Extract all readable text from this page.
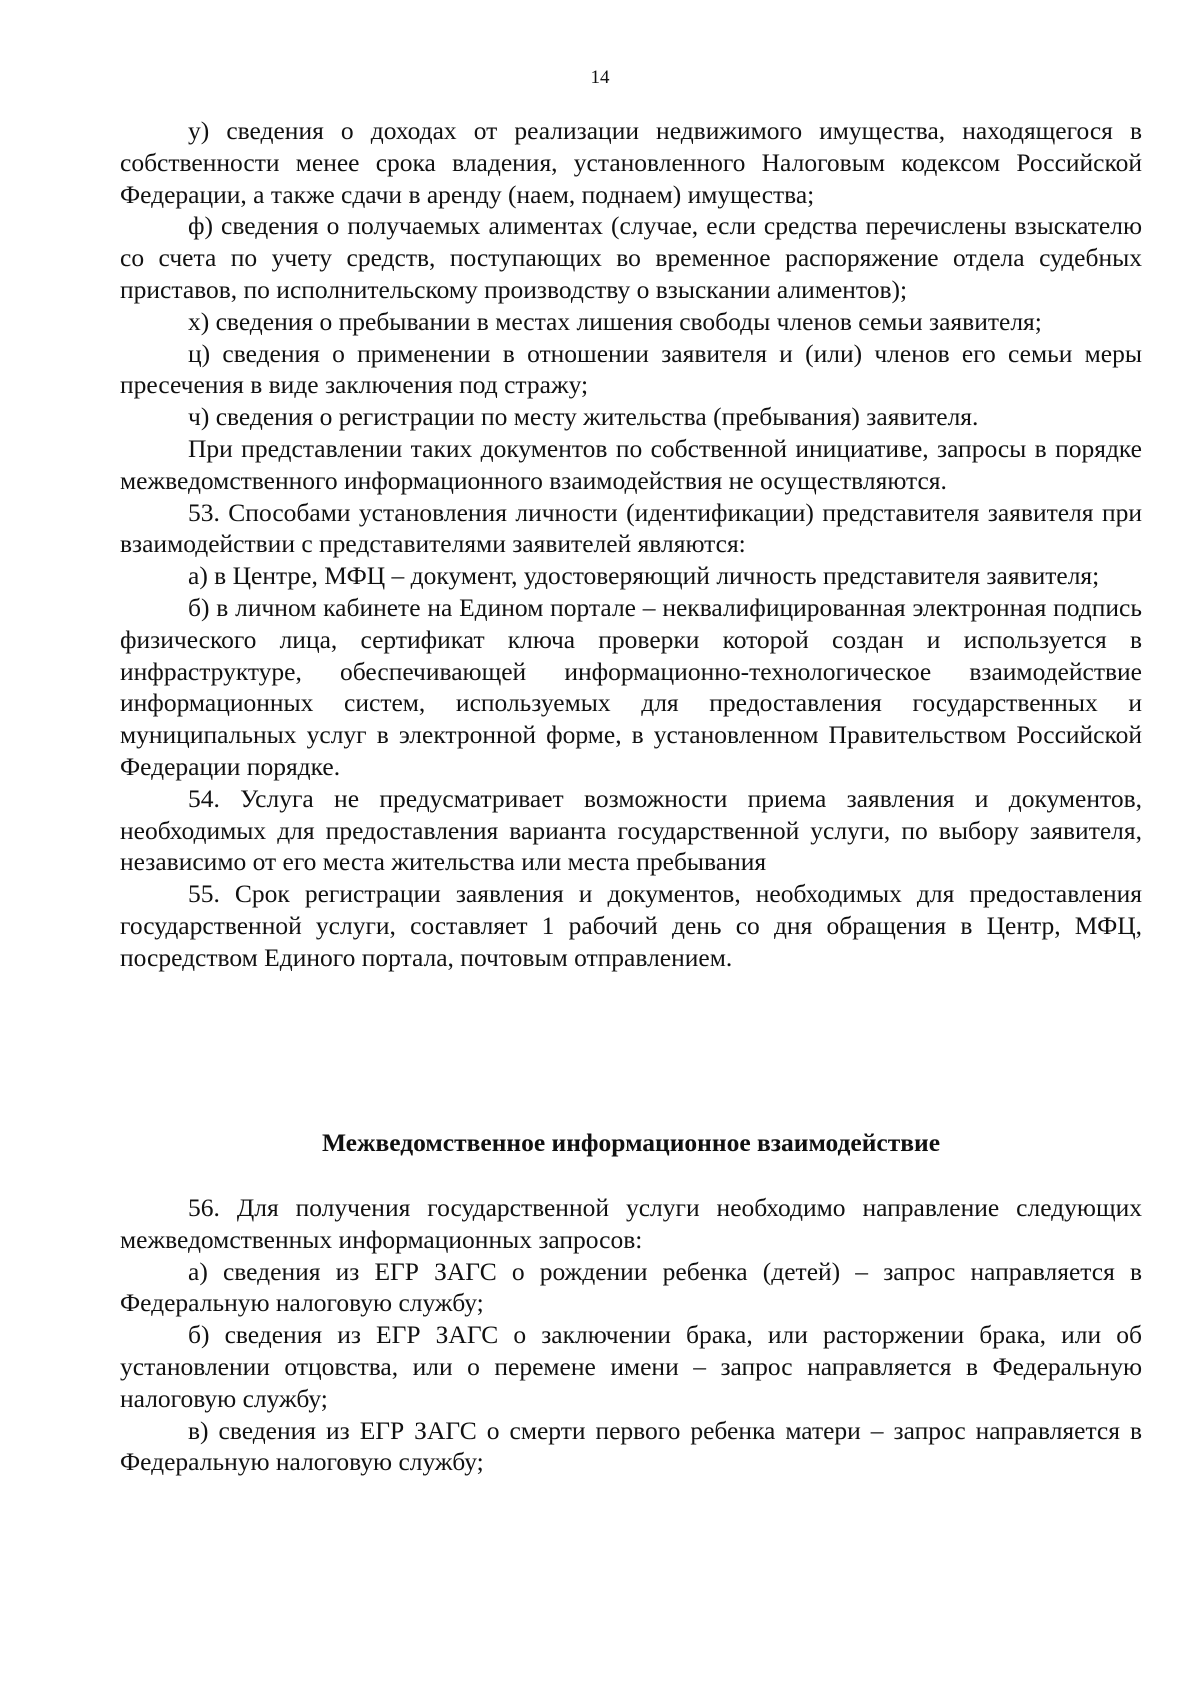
14

у) сведения о доходах от реализации недвижимого имущества, находящегося в собственности менее срока владения, установленного Налоговым кодексом Российской Федерации, а также сдачи в аренду (наем, поднаем) имущества;

ф) сведения о получаемых алиментах (случае, если средства перечислены взыскателю со счета по учету средств, поступающих во временное распоряжение отдела судебных приставов, по исполнительскому производству о взыскании алиментов);

х) сведения о пребывании в местах лишения свободы членов семьи заявителя;

ц) сведения о применении в отношении заявителя и (или) членов его семьи меры пресечения в виде заключения под стражу;

ч) сведения о регистрации по месту жительства (пребывания) заявителя.

При представлении таких документов по собственной инициативе, запросы в порядке межведомственного информационного взаимодействия не осуществляются.

53. Способами установления личности (идентификации) представителя заявителя при взаимодействии с представителями заявителей являются:

а) в Центре, МФЦ – документ, удостоверяющий личность представителя заявителя;

б) в личном кабинете на Едином портале – неквалифицированная электронная подпись физического лица, сертификат ключа проверки которой создан и используется в инфраструктуре, обеспечивающей информационно-технологическое взаимодействие информационных систем, используемых для предоставления государственных и муниципальных услуг в электронной форме, в установленном Правительством Российской Федерации порядке.

54. Услуга не предусматривает возможности приема заявления и документов, необходимых для предоставления варианта государственной услуги, по выбору заявителя, независимо от его места жительства или места пребывания

55. Срок регистрации заявления и документов, необходимых для предоставления государственной услуги, составляет 1 рабочий день со дня обращения в Центр, МФЦ, посредством Единого портала, почтовым отправлением.

Межведомственное информационное взаимодействие

56. Для получения государственной услуги необходимо направление следующих межведомственных информационных запросов:

а) сведения из ЕГР ЗАГС о рождении ребенка (детей) – запрос направляется в Федеральную налоговую службу;

б) сведения из ЕГР ЗАГС о заключении брака, или расторжении брака, или об установлении отцовства, или о перемене имени – запрос направляется в Федеральную налоговую службу;

в) сведения из ЕГР ЗАГС о смерти первого ребенка матери – запрос направляется в Федеральную налоговую службу;
